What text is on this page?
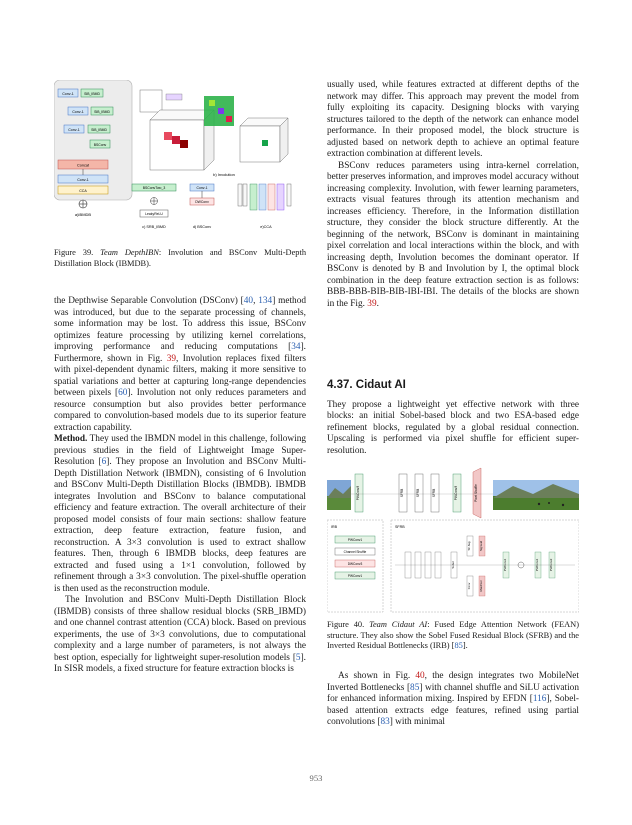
Conv-1	SIB_IBMD
Conv-1	SIB_IBMD
Conv-1	SIB_IBMD
BSConv
Concat
Conv-1
CCA
a)IBMDB
b) Involution
BSConvTwo_3
LeakyReLU
c) SRB_IBMD
Conv-1
DWConv
d) BSConv	e)CCA
Figure 39. Team DepthIBN: Involution and BSConv Multi-Depth Distillation Block (IBMDB).

the Depthwise Separable Convolution (DSConv) [40, 134] method was introduced, but due to the separate processing of channels, some information may be lost. To address this issue, BSConv optimizes feature processing by utilizing kernel correlations, improving performance and reducing computations [34]. Furthermore, shown in Fig. 39, Involution replaces fixed filters with pixel-dependent dynamic filters, making it more sensitive to spatial variations and better at capturing long-range dependencies between pixels [60]. Involution not only reduces parameters and resource consumption but also provides better performance compared to convolution-based models due to its superior feature extraction capability.

Method. They used the IBMDN model in this challenge, following previous studies in the field of Lightweight Image Super-Resolution [6]. They propose an Involution and BSConv Multi-Depth Distillation Network (IBMDN), consisting of 6 Involution and BSConv Multi-Depth Distillation Blocks (IBMDB). IBMDB integrates Involution and BSConv to balance computational efficiency and feature extraction. The overall architecture of their proposed model consists of four main sections: shallow feature extraction, deep feature extraction, feature fusion, and reconstruction. A 3×3 convolution is used to extract shallow features. Then, through 6 IBMDB blocks, deep features are extracted and fused using a 1×1 convolution, followed by refinement through a 3×3 convolution. The pixel-shuffle operation is then used as the reconstruction module.

The Involution and BSConv Multi-Depth Distillation Block (IBMDB) consists of three shallow residual blocks (SRB_IBMD) and one channel contrast attention (CCA) block. Based on previous experiments, the use of 3×3 convolutions, due to computational complexity and a large number of parameters, is not always the best option, especially for lightweight super-resolution models [5]. In SISR models, a fixed structure for feature extraction blocks is

usually used, while features extracted at different depths of the network may differ. This approach may prevent the model from fully exploiting its capacity. Designing blocks with varying structures tailored to the depth of the network can enhance model performance. In their proposed model, the block structure is adjusted based on network depth to achieve an optimal feature extraction combination at different levels.

BSConv reduces parameters using intra-kernel correlation, better preserves information, and improves model accuracy without increasing complexity. Involution, with fewer learning parameters, extracts visual features through its attention mechanism and increases efficiency. Therefore, in the Information distillation structure, they consider the block structure differently. At the beginning of the network, BSConv is dominant in maintaining pixel correlation and local interactions within the block, and with increasing depth, Involution becomes the dominant operator. If BSConv is denoted by B and Involution by I, the optimal block combination in the deep feature extraction section is as follows: BBB-BBB-BIB-BIB-IBI-IBI. The details of the blocks are shown in the Fig. 39.

4.37. Cidaut AI

They propose a lightweight yet effective network with three blocks: an initial Sobel-based block and two ESA-based edge refinement blocks, regulated by a global residual connection. Upscaling is performed via pixel shuffle for efficient super-resolution.

PWConv3	SFRB	SFRB	SFRB	PWConv3	Pixel Shuffle
IRB
PWConv1
Channel Shuffle
DWConv3
PWConv1
SFRB
Sobel
Str Avg
Conv
Sigmoid
MaxPool
PWConv1	PWConv1	PWConv3
Figure 40. Team Cidaut AI: Fused Edge Attention Network (FEAN) structure. They also show the Sobel Fused Residual Block (SFRB) and the Inverted Residual Bottlenecks (IRB) [85].

As shown in Fig. 40, the design integrates two MobileNet Inverted Bottlenecks [85] with channel shuffle and SiLU activation for enhanced information mixing. Inspired by EFDN [116], Sobel-based attention extracts edge features, refined using partial convolutions [83] with minimal

953
